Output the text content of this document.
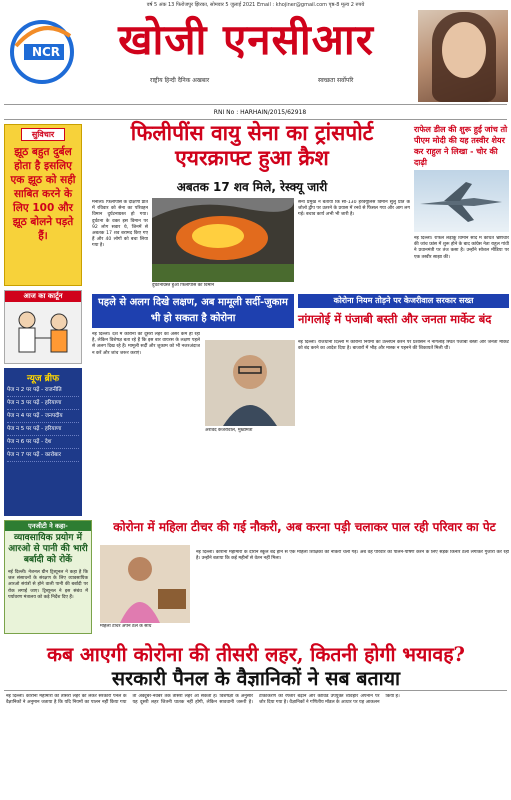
वर्ष 5 अंक 13 फिरोजपुर झिरका, सोमवार 5 जुलाई 2021 Email : khojiner@gmail.com पृष्ठ-8 मूल्य 2 रुपये
NCR	खोजी एनसीआर
राष्ट्रीय हिन्दी दैनिक अखबार	स्वच्छता सर्वोपरि
RNI No : HARHAIN/2015/62918
सुविचार
झूठ बहुत दुर्बल होता है इसलिए एक झूठ को सही साबित करने के लिए 100 और झूठ बोलने पड़ते हैं।
आज का कार्टून
न्यूज ब्रीफ
पेज न 2 पर पढ़ें - राजनीति
पेज न 3 पर पढ़ें - हरियाणा
पेज न 4 पर पढ़ें - जनपदीय
पेज न 5 पर पढ़ें - हरियाणा
पेज न 6 पर पढ़ें - देश
पेज न 7 पर पढ़ें - कारोबार
फिलीपींस वायु सेना का ट्रांसपोर्ट एयरक्राफ्ट हुआ क्रैश
अबतक 17 शव मिले, रेस्क्यू जारी
मनीला। फिलीपींस के दक्षिणी प्रांत में रविवार को सेना का परिवहन विमान दुर्घटनाग्रस्त हो गया। दुर्घटना के वक्त इस विमान पर 92 लोग सवार थे, जिनमें से अबतक 17 शव बरामद किए गए हैं और 40 लोगों को बचा लिया गया है।
दुर्घटनाग्रस्त हुआ फिलीपींस का विमान
सेना प्रमुख ने बताया कि सी-130 हरक्यूलिस विमान सुलु प्रांत के जोलो द्वीप पर उतरने के प्रयास में रनवे से फिसल गया और आग लग गई। बचाव कार्य अभी भी जारी है।
राफेल डील की शुरू हुई जांच तो पीएम मोदी की यह तस्वीर शेयर कर राहुल ने लिखा - चोर की दाढ़ी
नई दिल्ली। राफेल लड़ाकू विमान सौदे में कथित भ्रष्टाचार की जांच फ्रांस में शुरू होने के बाद कांग्रेस नेता राहुल गांधी ने प्रधानमंत्री पर तंज कसा है। उन्होंने सोशल मीडिया पर एक तस्वीर साझा की।
कोरोना नियम तोड़ने पर केजरीवाल सरकार सख्त
पहले से अलग दिखे लक्षण, अब मामूली सर्दी-जुकाम भी हो सकता है कोरोना
नई दिल्ली। देश में कोरोना की दूसरी लहर का असर कम हो रहा है, लेकिन विशेषज्ञ बता रहे हैं कि इस बार वायरस के लक्षण पहले से अलग दिख रहे हैं। मामूली सर्दी और जुकाम को भी नजरअंदाज न करें और जांच जरूर कराएं।
नांगलोई में पंजाबी बस्ती और जनता मार्केट बंद
अरविंद केजरीवाल, मुख्यमंत्री
नई दिल्ली। राजधानी दिल्ली में कोरोना नियमों का उल्लंघन करने पर प्रशासन ने नांगलोई स्थित पंजाबी बस्ती और जनता मार्केट को बंद करने का आदेश दिया है। बाजारों में भीड़ और मास्क न पहनने की शिकायतें मिली थीं।
एनजीटी ने कहा-
व्यावसायिक प्रयोग में आरओ से पानी की भारी बर्बादी को रोकें
नई दिल्ली। नेशनल ग्रीन ट्रिब्यूनल ने कहा है कि जल संसाधनों के संरक्षण के लिए व्यावसायिक आरओ संयंत्रों से होने वाली पानी की बर्बादी पर रोक लगाई जाए। ट्रिब्यूनल ने इस संबंध में पर्यावरण मंत्रालय को कड़े निर्देश दिए हैं।
कोरोना में महिला टीचर की गई नौकरी, अब करना पड़ी चलाकर पाल रही परिवार का पेट
महिला टीचर अपने ठेले के साथ
नई दिल्ली। कोरोना महामारी के दौरान स्कूल बंद होने से एक महिला शिक्षिका की नौकरी चली गई। अब वह परिवार का पालन-पोषण करने के लिए सड़क किनारे ठेला लगाकर गुजारा कर रही है। उन्होंने बताया कि कई महीनों से वेतन नहीं मिला।
कब आएगी कोरोना की तीसरी लहर, कितनी होगी भयावह?
सरकारी पैनल के वैज्ञानिकों ने सब बताया
नई दिल्ली। कोरोना महामारी की तीसरी लहर को लेकर सरकारी पैनल के वैज्ञानिकों ने अनुमान जताया है कि यदि नियमों का पालन नहीं किया गया तो अक्टूबर-नवंबर तक तीसरी लहर आ सकती है। विशेषज्ञों के अनुसार यह दूसरी लहर जितनी घातक नहीं होगी, लेकिन सावधानी जरूरी है। टीकाकरण की रफ्तार बढ़ाने और कोविड उपयुक्त व्यवहार अपनाने पर जोर दिया गया है। वैज्ञानिकों ने गणितीय मॉडल के आधार पर यह आकलन किया है।
